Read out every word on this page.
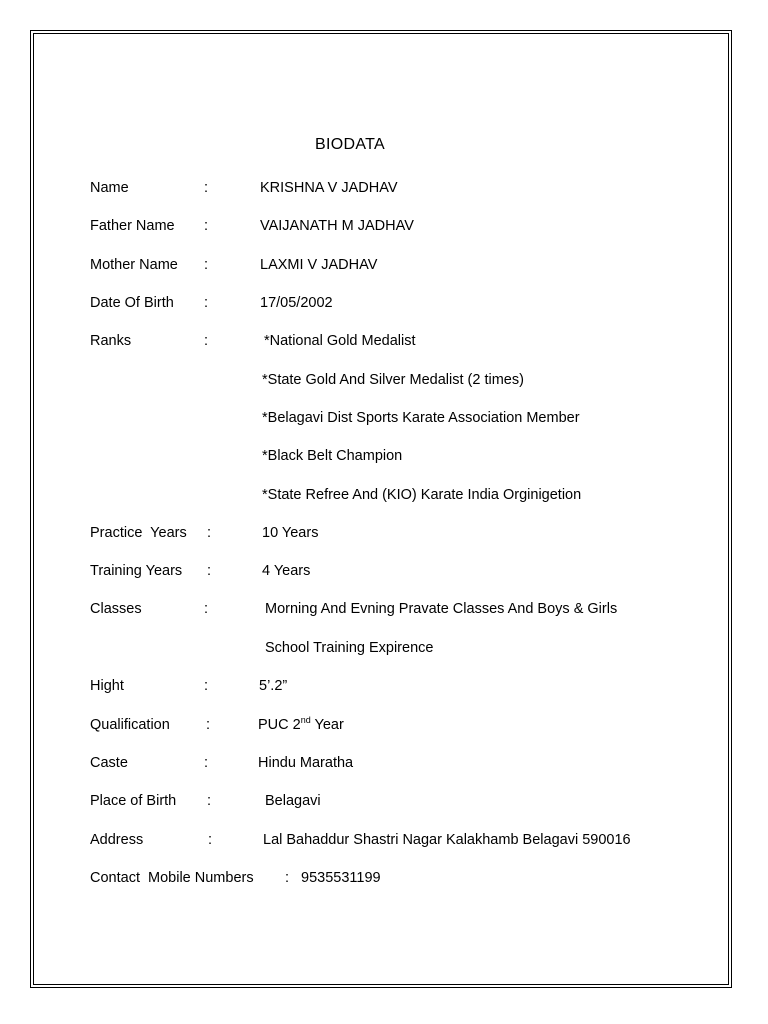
BIODATA
Name	:	KRISHNA V JADHAV
Father Name :	VAIJANATH M JADHAV
Mother Name :	LAXMI V JADHAV
Date Of Birth :	17/05/2002
Ranks	:	*National Gold Medalist
*State Gold And Silver Medalist (2 times)
*Belagavi Dist Sports Karate Association Member
*Black Belt Champion
*State Refree And (KIO) Karate India Orginigetion
Practice  Years :	10 Years
Training Years :	4 Years
Classes	:	Morning And Evning Pravate Classes And Boys & Girls
School Training Expirence
Hight	:	5’.2”
Qualification :	PUC 2nd Year
Caste	:	Hindu Maratha
Place of Birth :	Belagavi
Address	:	Lal Bahaddur Shastri Nagar Kalakhamb Belagavi 590016
Contact  Mobile Numbers : 9535531199
